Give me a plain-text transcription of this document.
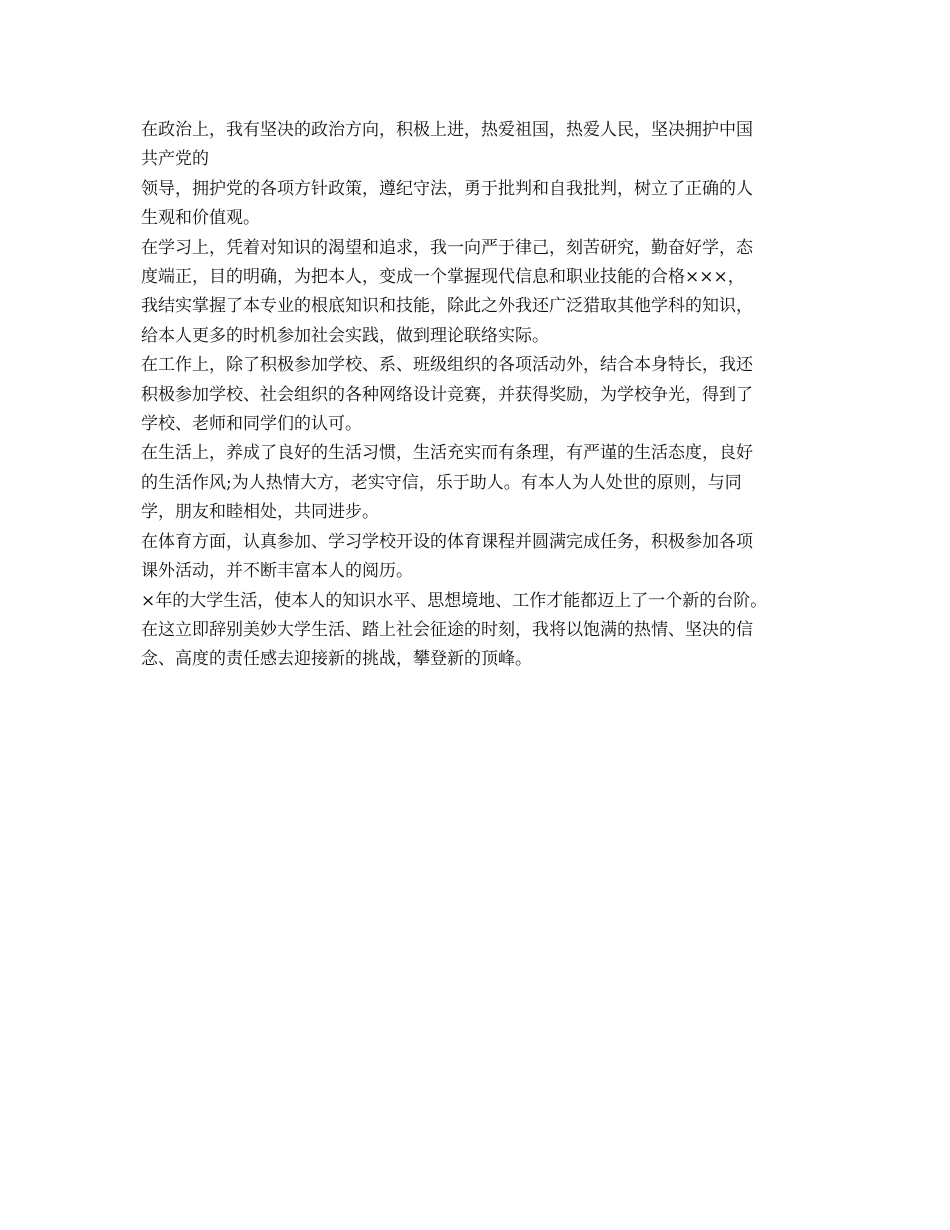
在政治上，我有坚决的政治方向，积极上进，热爱祖国，热爱人民，坚决拥护中国

共产党的

领导，拥护党的各项方针政策，遵纪守法，勇于批判和自我批判，树立了正确的人

生观和价值观。

在学习上，凭着对知识的渴望和追求，我一向严于律己，刻苦研究，勤奋好学，态

度端正，目的明确，为把本人，变成一个掌握现代信息和职业技能的合格×××，

我结实掌握了本专业的根底知识和技能，除此之外我还广泛猎取其他学科的知识，

给本人更多的时机参加社会实践，做到理论联络实际。

在工作上，除了积极参加学校、系、班级组织的各项活动外，结合本身特长，我还

积极参加学校、社会组织的各种网络设计竞赛，并获得奖励，为学校争光，得到了

学校、老师和同学们的认可。

在生活上，养成了良好的生活习惯，生活充实而有条理，有严谨的生活态度，良好

的生活作风;为人热情大方，老实守信，乐于助人。有本人为人处世的原则，与同

学，朋友和睦相处，共同进步。

在体育方面，认真参加、学习学校开设的体育课程并圆满完成任务，积极参加各项

课外活动，并不断丰富本人的阅历。

×年的大学生活，使本人的知识水平、思想境地、工作才能都迈上了一个新的台阶。

在这立即辞别美妙大学生活、踏上社会征途的时刻，我将以饱满的热情、坚决的信

念、高度的责任感去迎接新的挑战，攀登新的顶峰。
